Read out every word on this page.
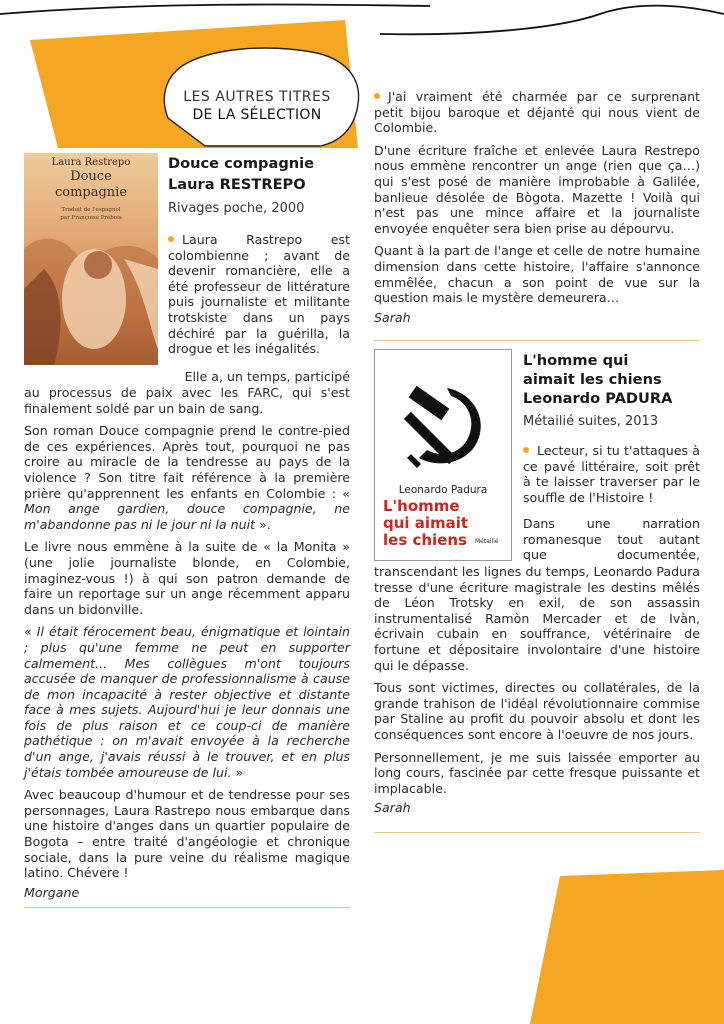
LES AUTRES TITRES
DE LA SÉLECTION
Laura Restrepo
Douce
compagnie
Traduit de l'espagnol
par Françoise Prébois
Douce compagnie
Laura RESTREPO
Rivages poche, 2000
Laura Rastrepo est colombienne ; avant de devenir romancière, elle a été professeur de littérature puis journaliste et militante trotskiste dans un pays déchiré par la guérilla, la drogue et les inégalités.
Elle a, un temps, participé

au processus de paix avec les FARC, qui s'est finalement soldé par un bain de sang.

Son roman Douce compagnie prend le contre-pied de ces expériences. Après tout, pourquoi ne pas croire au miracle de la tendresse au pays de la violence ? Son titre fait référence à la première prière qu'apprennent les enfants en Colombie : « Mon ange gardien, douce compagnie, ne m'abandonne pas ni le jour ni la nuit ».

Le livre nous emmène à la suite de « la Monita » (une jolie journaliste blonde, en Colombie, imaginez-vous !) à qui son patron demande de faire un reportage sur un ange récemment apparu dans un bidonville.

« Il était férocement beau, énigmatique et lointain ; plus qu'une femme ne peut en supporter calmement... Mes collègues m'ont toujours accusée de manquer de professionnalisme à cause de mon incapacité à rester objective et distante face à mes sujets. Aujourd'hui je leur donnais une fois de plus raison et ce coup-ci de manière pathétique : on m'avait envoyée à la recherche d'un ange, j'avais réussi à le trouver, et en plus j'étais tombée amoureuse de lui. »

Avec beaucoup d'humour et de tendresse pour ses personnages, Laura Rastrepo nous embarque dans une histoire d'anges dans un quartier populaire de Bogota – entre traité d'angéologie et chronique sociale, dans la pure veine du réalisme magique latino. Chévere !

Morgane

J'ai vraiment été charmée par ce surprenant petit bijou baroque et déjanté qui nous vient de Colombie.

D'une écriture fraîche et enlevée Laura Restrepo nous emmène rencontrer un ange (rien que ça…) qui s'est posé de manière improbable à Galilée, banlieue désolée de Bògota. Mazette ! Voilà qui n'est pas une mince affaire et la journaliste envoyée enquêter sera bien prise au dépourvu.

Quant à la part de l'ange et celle de notre humaine dimension dans cette histoire, l'affaire s'annonce emmêlée, chacun a son point de vue sur la question mais le mystère demeurera…

Sarah

Leonardo Padura
L'homme
qui aimait
les chiens Métailié
L'homme qui
aimait les chiens
Leonardo PADURA
Métailié suites, 2013
Lecteur, si tu t'attaques à ce pavé littéraire, soit prêt à te laisser traverser par le souffle de l'Histoire !
Dans une narration romanesque tout autant que documentée,

transcendant les lignes du temps, Leonardo Padura tresse d'une écriture magistrale les destins mêlés de Léon Trotsky en exil, de son assassin instrumentalisé Ramòn Mercader et de Ivàn, écrivain cubain en souffrance, vétérinaire de fortune et dépositaire involontaire d'une histoire qui le dépasse.

Tous sont victimes, directes ou collatérales, de la grande trahison de l'idéal révolutionnaire commise par Staline au profit du pouvoir absolu et dont les conséquences sont encore à l'oeuvre de nos jours.

Personnellement, je me suis laissée emporter au long cours, fascinée par cette fresque puissante et implacable.

Sarah
